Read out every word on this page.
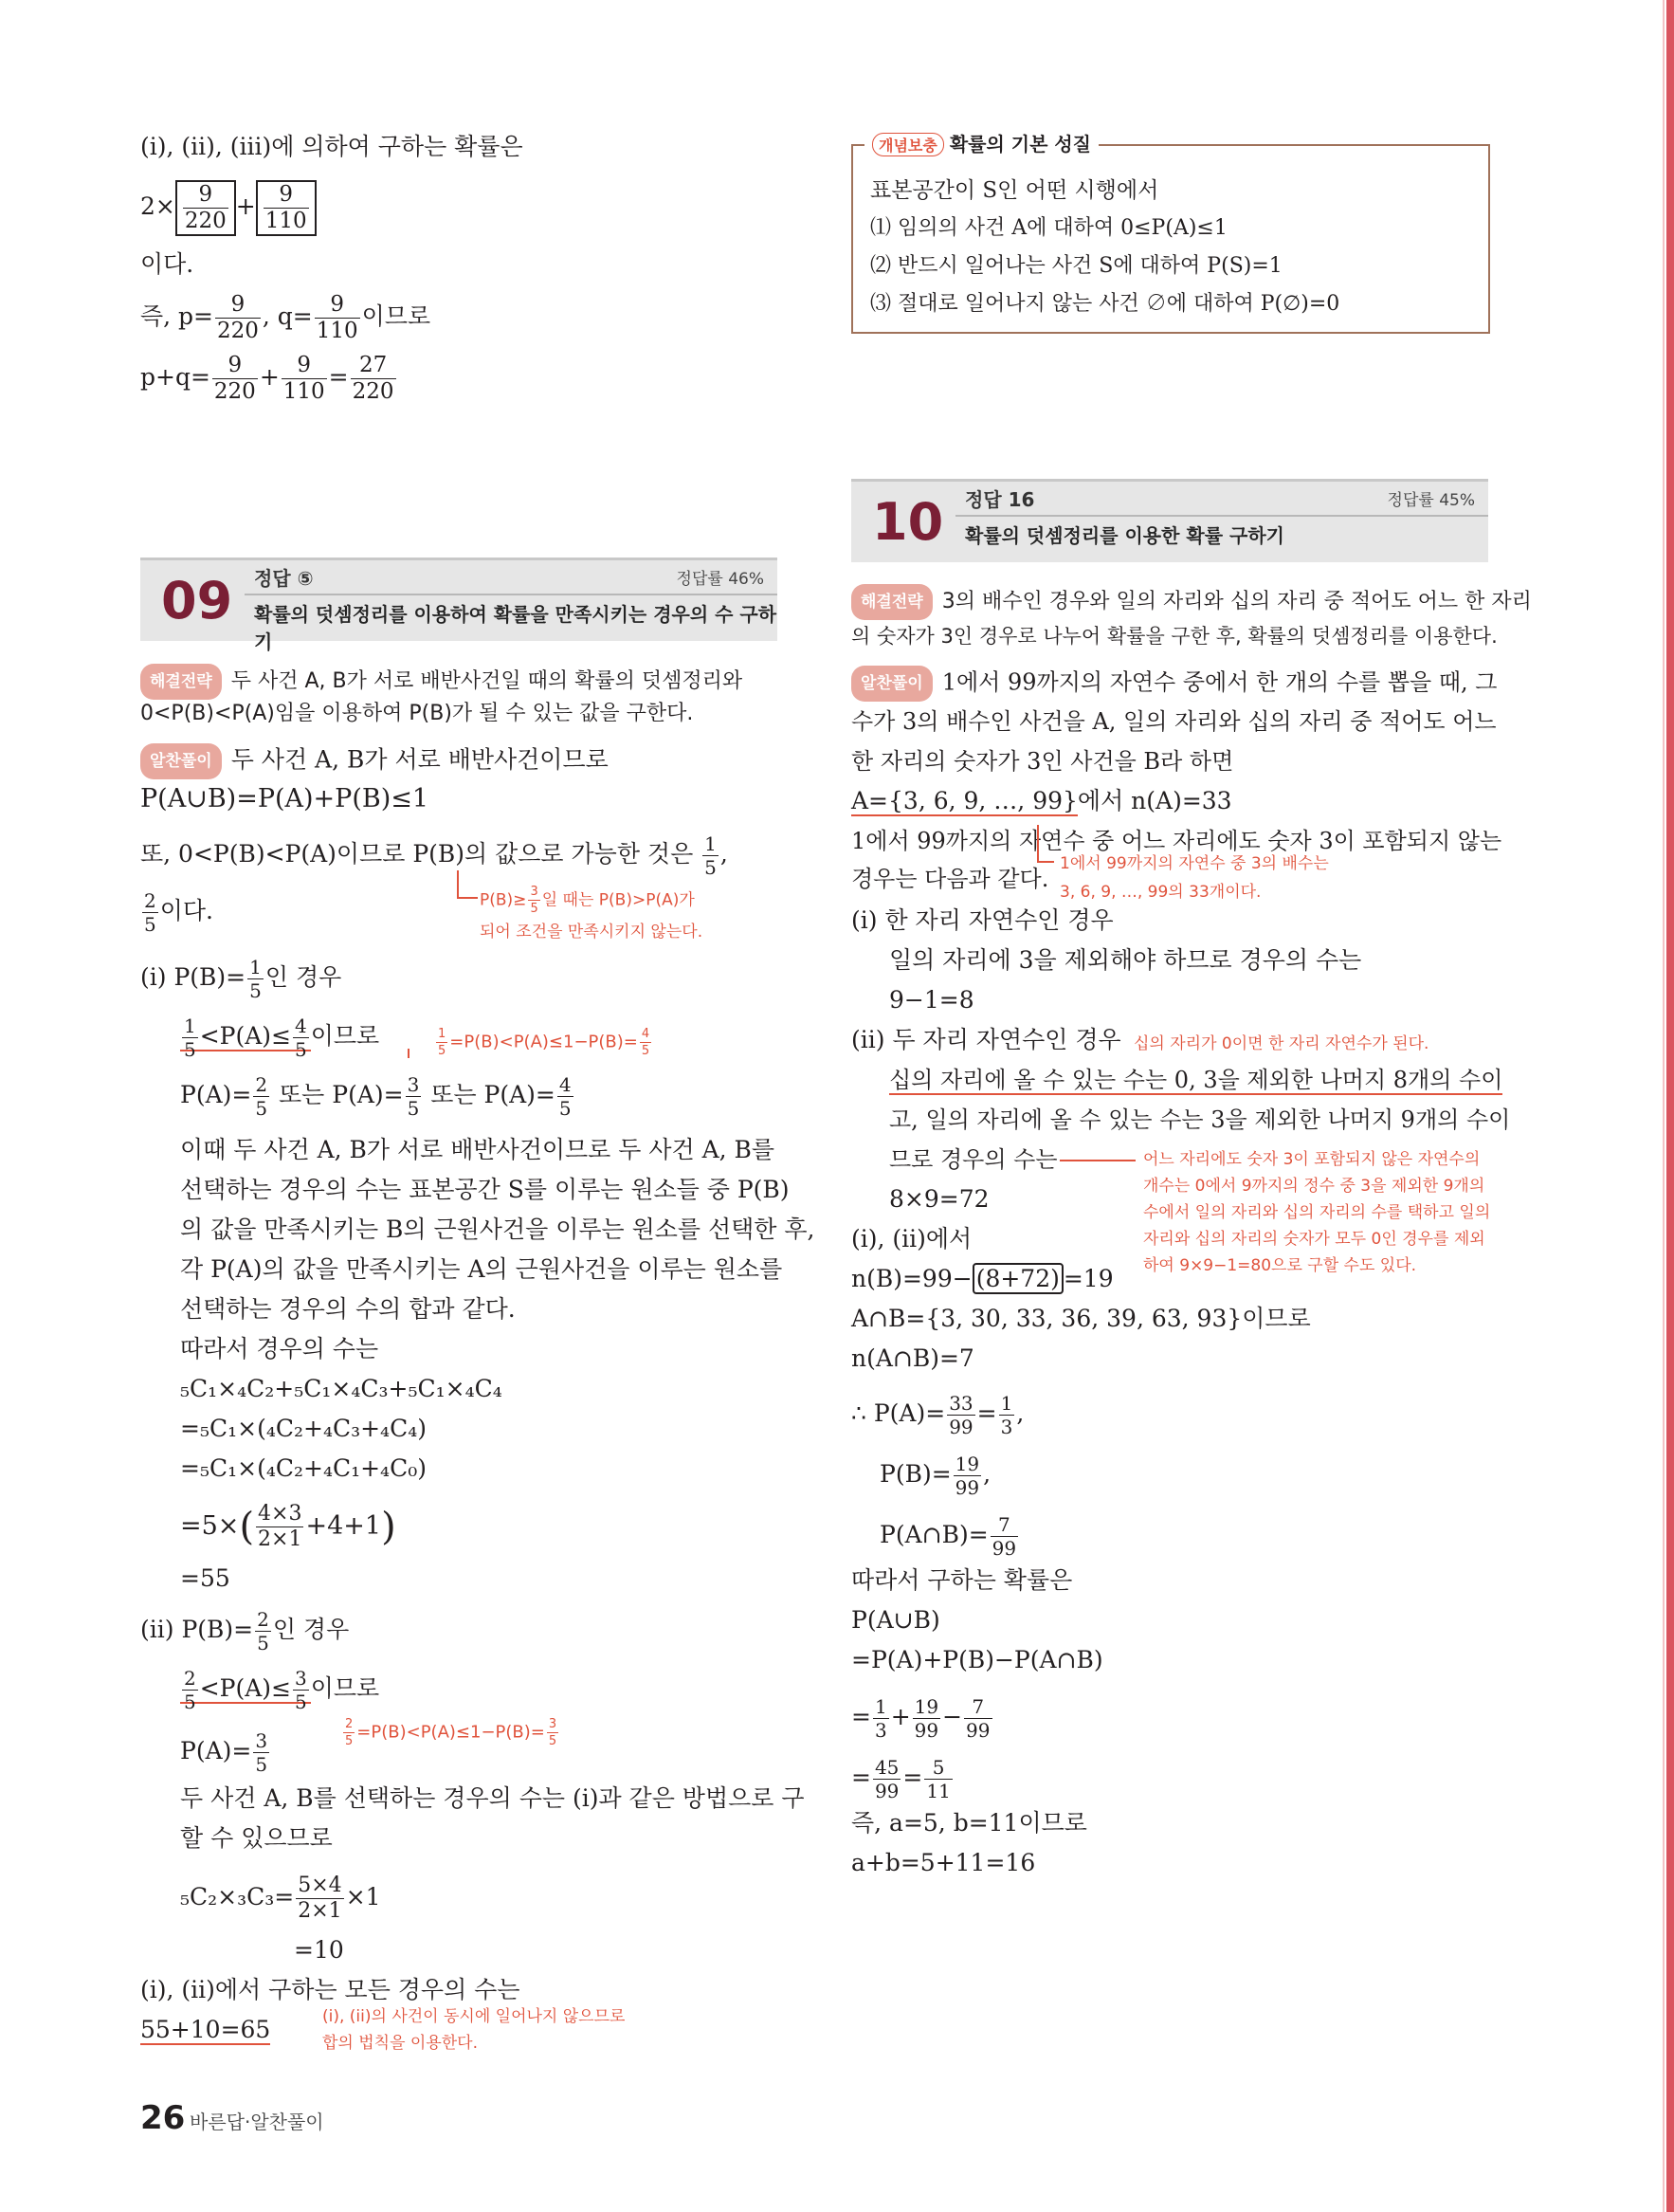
(i), (ii), (iii)에 의하여 구하는 확률은
$2\times \frac{9}{220} + \frac{9}{110}$
이다.
즉, $p= \frac{9}{220}$ , $q= \frac{9}{110}$ 이므로
$p+q= \frac{9}{220} + \frac{9}{110} = \frac{27}{220}$
09 정답 ⑤	정답률 46%
확률의 덧셈정리를 이용하여 확률을 만족시키는 경우의 수 구하기
해결전략 두 사건 A, B가 서로 배반사건일 때의 확률의 덧셈정리와
0<P(B)<P(A)임을 이용하여 P(B)가 될 수 있는 값을 구한다.
알찬풀이 두 사건 A, B가 서로 배반사건이므로
P(A∪B)=P(A)+P(B)≤1
또, 0<P(B)<P(A)이므로 P(B)의 값으로 가능한 것은 $\frac{1}{5}$ ,
$\frac{2}{5}$ 이다.	$P(B)\ge \frac{3}{5}$ 일 때는 P(B)>P(A)가
되어 조건을 만족시키지 않는다.
(i) $P(B)= \frac{1}{5}$ 인 경우
$\frac{1}{5} <P(A)\le \frac{4}{5}$ 이므로	$\frac{1}{5} =P(B)<P(A)\le 1-P(B)= \frac{4}{5}$
$P(A)= \frac{2}{5}$ 또는 $P(A)= \frac{3}{5}$ 또는 $P(A)= \frac{4}{5}$
이때 두 사건 A, B가 서로 배반사건이므로 두 사건 A, B를
선택하는 경우의 수는 표본공간 S를 이루는 원소들 중 P(B)
의 값을 만족시키는 B의 근원사건을 이루는 원소를 선택한 후,
각 P(A)의 값을 만족시키는 A의 근원사건을 이루는 원소를
선택하는 경우의 수의 합과 같다.
따라서 경우의 수는
₅C₁×₄C₂+₅C₁×₄C₃+₅C₁×₄C₄
=₅C₁×(₄C₂+₄C₃+₄C₄)
=₅C₁×(₄C₂+₄C₁+₄C₀)
$=5\times( \frac{4\times 3}{2\times 1} +4+1)$
=55
(ii) $P(B)= \frac{2}{5}$ 인 경우
$\frac{2}{5} <P(A)\le \frac{3}{5}$ 이므로
$\frac{2}{5} =P(B)<P(A)\le 1-P(B)= \frac{3}{5}$
$P(A)= \frac{3}{5}$
두 사건 A, B를 선택하는 경우의 수는 (i)과 같은 방법으로 구
할 수 있으므로
$_5C_2\times_3C_3= \frac{5\times 4}{2\times 1} \times 1$
=10
(i), (ii)에서 구하는 모든 경우의 수는
55+10=65	(i), (ii)의 사건이 동시에 일어나지 않으므로
합의 법칙을 이용한다.
26 바른답·알찬풀이
개념보충 확률의 기본 성질
표본공간이 S인 어떤 시행에서
⑴ 임의의 사건 A에 대하여 0≤P(A)≤1
⑵ 반드시 일어나는 사건 S에 대하여 P(S)=1
⑶ 절대로 일어나지 않는 사건 ∅에 대하여 P(∅)=0
10 정답 16	정답률 45%
확률의 덧셈정리를 이용한 확률 구하기
해결전략 3의 배수인 경우와 일의 자리와 십의 자리 중 적어도 어느 한 자리
의 숫자가 3인 경우로 나누어 확률을 구한 후, 확률의 덧셈정리를 이용한다.
알찬풀이 1에서 99까지의 자연수 중에서 한 개의 수를 뽑을 때, 그
수가 3의 배수인 사건을 A, 일의 자리와 십의 자리 중 적어도 어느
한 자리의 숫자가 3인 사건을 B라 하면
A={3, 6, 9, …, 99}에서 n(A)=33
1에서 99까지의 자연수 중 어느 자리에도 숫자 3이 포함되지 않는
경우는 다음과 같다.
1에서 99까지의 자연수 중 3의 배수는
3, 6, 9, …, 99의 33개이다.
(i) 한 자리 자연수인 경우
일의 자리에 3을 제외해야 하므로 경우의 수는
9−1=8
(ii) 두 자리 자연수인 경우 십의 자리가 0이면 한 자리 자연수가 된다.
십의 자리에 올 수 있는 수는 0, 3을 제외한 나머지 8개의 수이
고, 일의 자리에 올 수 있는 수는 3을 제외한 나머지 9개의 수이
므로 경우의 수는
8×9=72
어느 자리에도 숫자 3이 포함되지 않은 자연수의
개수는 0에서 9까지의 정수 중 3을 제외한 9개의
수에서 일의 자리와 십의 자리의 수를 택하고 일의
자리와 십의 자리의 숫자가 모두 0인 경우를 제외
하여 9×9−1=80으로 구할 수도 있다.
(i), (ii)에서
n(B)=99− (8+72) =19
A∩B={3, 30, 33, 36, 39, 63, 93}이므로
n(A∩B)=7
∴ $P(A)= \frac{33}{99} = \frac{1}{3}$ ,
$P(B)= \frac{19}{99}$ ,
P(A∩B)= $\frac{7}{99}$
따라서 구하는 확률은
P(A∪B)
=P(A)+P(B)−P(A∩B)
= $\frac{1}{3} + \frac{19}{99} - \frac{7}{99}$
= $\frac{45}{99} = \frac{5}{11}$
즉, a=5, b=11이므로
a+b=5+11=16
